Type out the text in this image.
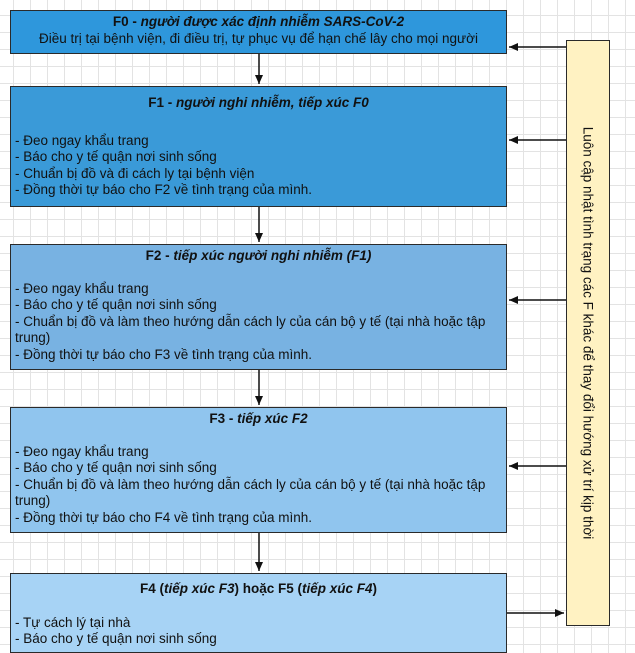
F0 - người được xác định nhiễm SARS-CoV-2
Điều trị tại bệnh viện, đi điều trị, tự phục vụ để hạn chế lây cho mọi người
F1 - người nghi nhiễm, tiếp xúc F0
- Đeo ngay khẩu trang
- Báo cho y tế quận nơi sinh sống
- Chuẩn bị đồ và đi cách ly tại bệnh viện
- Đồng thời tự báo cho F2 về tình trạng của mình.
F2 - tiếp xúc người nghi nhiễm (F1)
- Đeo ngay khẩu trang
- Báo cho y tế quận nơi sinh sống
- Chuẩn bị đồ và làm theo hướng dẫn cách ly của cán bộ y tế (tại nhà hoặc tập trung)
- Đồng thời tự báo cho F3 về tình trạng của mình.
F3 - tiếp xúc F2
- Đeo ngay khẩu trang
- Báo cho y tế quận nơi sinh sống
- Chuẩn bị đồ và làm theo hướng dẫn cách ly của cán bộ y tế (tại nhà hoặc tập trung)
- Đồng thời tự báo cho F4 về tình trạng của mình.
F4 (tiếp xúc F3) hoặc F5 (tiếp xúc F4)
- Tự cách lý tại nhà
- Báo cho y tế quận nơi sinh sống
Luôn cập nhật tình trạng các F khác để thay đổi hướng xử trí kịp thời
